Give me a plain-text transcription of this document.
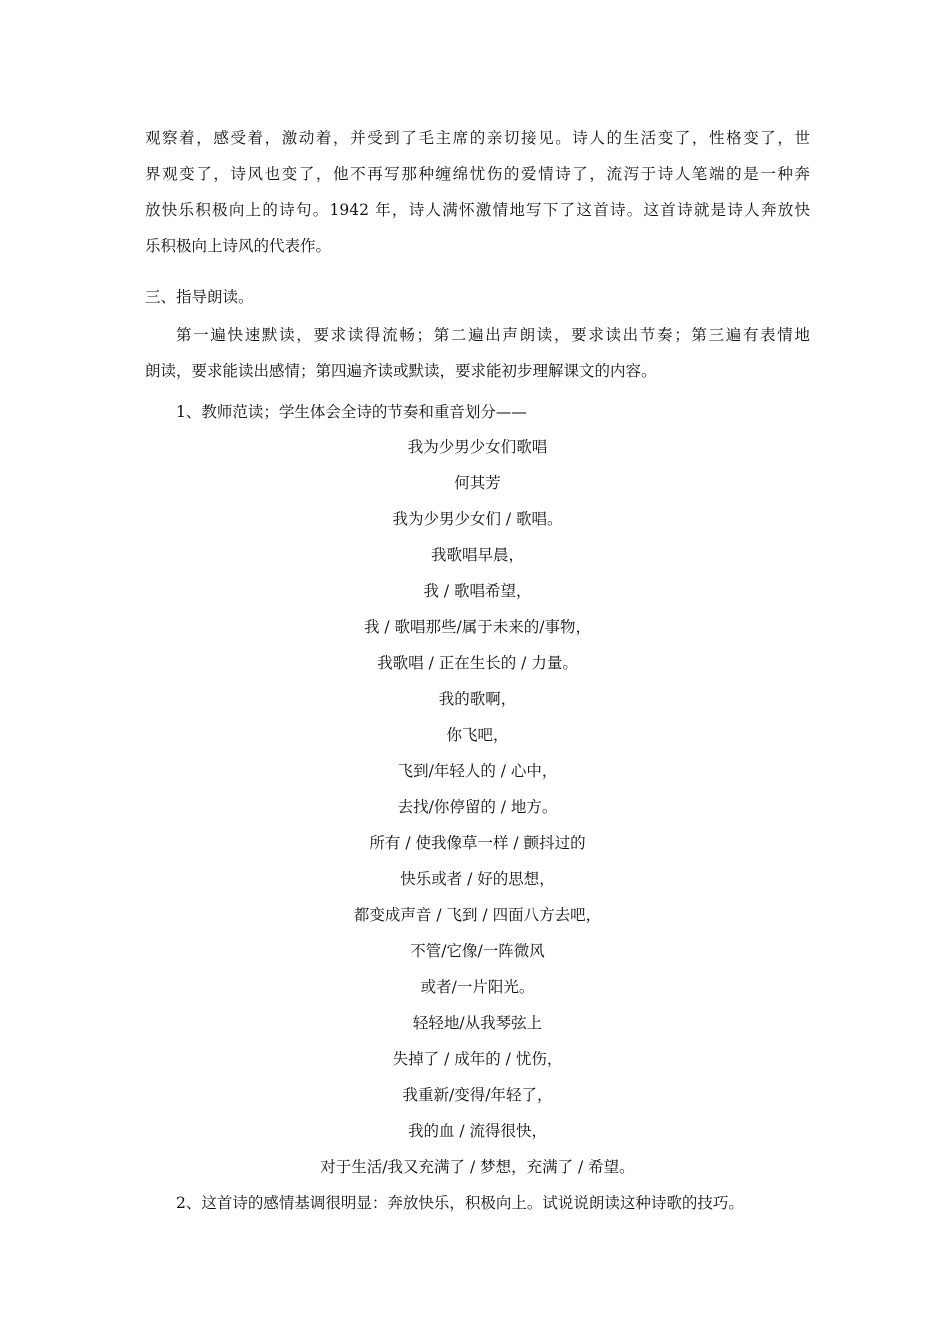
观察着，感受着，激动着，并受到了毛主席的亲切接见。诗人的生活变了，性格变了，世
界观变了，诗风也变了，他不再写那种缠绵忧伤的爱情诗了，流泻于诗人笔端的是一种奔
放快乐积极向上的诗句。1942 年，诗人满怀激情地写下了这首诗。这首诗就是诗人奔放快
乐积极向上诗风的代表作。
三、指导朗读。
第一遍快速默读，要求读得流畅；第二遍出声朗读，要求读出节奏；第三遍有表情地
朗读，要求能读出感情；第四遍齐读或默读，要求能初步理解课文的内容。
1、教师范读；学生体会全诗的节奏和重音划分——
我为少男少女们歌唱
何其芳
我为少男少女们 / 歌唱。
我歌唱早晨，
我 / 歌唱希望，
我 / 歌唱那些/属于未来的/事物，
我歌唱 / 正在生长的 / 力量。
我的歌啊，
你飞吧，
飞到/年轻人的 / 心中，
去找/你停留的 / 地方。
所有 / 使我像草一样 / 颤抖过的
快乐或者 / 好的思想，
都变成声音 / 飞到 / 四面八方去吧，
不管/它像/一阵微风
或者/一片阳光。
轻轻地/从我琴弦上
失掉了 / 成年的 / 忧伤，
我重新/变得/年轻了，
我的血 / 流得很快，
对于生活/我又充满了 / 梦想，充满了 / 希望。
2、这首诗的感情基调很明显：奔放快乐，积极向上。试说说朗读这种诗歌的技巧。
